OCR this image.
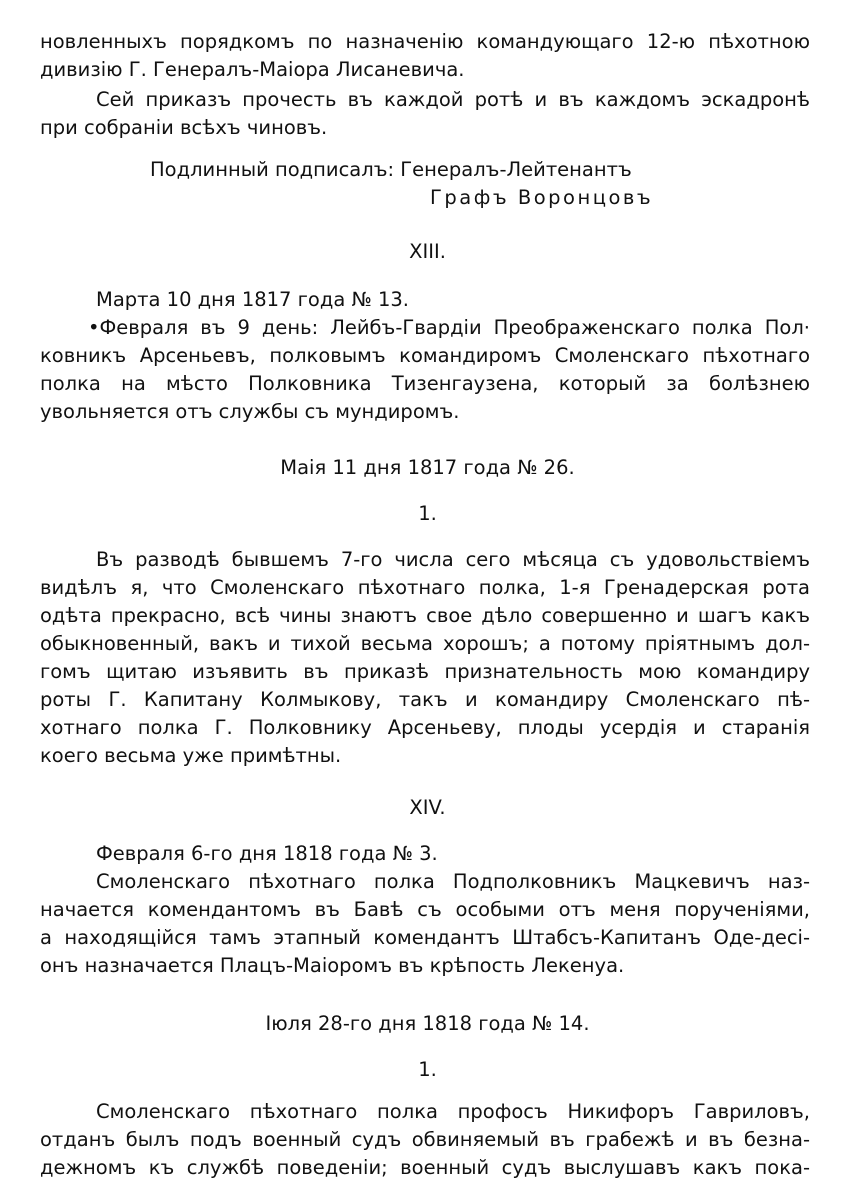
новленныхъ порядкомъ по назначенію командующаго 12-ю пѣхотною
дивизію Г. Генералъ-Маіора Лисаневича.
Сей приказъ прочесть въ каждой ротѣ и въ каждомъ эскадронѣ
при собраніи всѣхъ чиновъ.
Подлинный подписалъ: Генералъ-Лейтенантъ
Графъ Воронцовъ
XIII.
Марта 10 дня 1817 года № 13.
•Февраля въ 9 день: Лейбъ-Гвардіи Преображенскаго полка Пол·
ковникъ Арсеньевъ, полковымъ командиромъ Смоленскаго пѣхотнаго
полка на мѣсто Полковника Тизенгаузена, который за болѣзнею
увольняется отъ службы съ мундиромъ.
Маія 11 дня 1817 года № 26.
1.
Въ разводѣ бывшемъ 7-го числа сего мѣсяца съ удовольствіемъ
видѣлъ я, что Смоленскаго пѣхотнаго полка, 1-я Гренадерская рота
одѣта прекрасно, всѣ чины знаютъ свое дѣло совершенно и шагъ какъ
обыкновенный, вакъ и тихой весьма хорошъ; а потому пріятнымъ дол-
гомъ щитаю изъявить въ приказѣ признательность мою командиру
роты Г. Капитану Колмыкову, такъ и командиру Смоленскаго пѣ-
хотнаго полка Г. Полковнику Арсеньеву, плоды усердія и старанія
коего весьма уже примѣтны.
XIV.
Февраля 6-го дня 1818 года № 3.
Смоленскаго пѣхотнаго полка Подполковникъ Мацкевичъ наз-
начается комендантомъ въ Бавѣ съ особыми отъ меня порученіями,
а находящійся тамъ этапный комендантъ Штабсъ-Капитанъ Оде-десі-
онъ назначается Плацъ-Маіоромъ въ крѣпость Лекенуа.
Іюля 28-го дня 1818 года № 14.
1.
Смоленскаго пѣхотнаго полка профосъ Никифоръ Гавриловъ,
отданъ былъ подъ военный судъ обвиняемый въ грабежѣ и въ безна-
дежномъ къ службѣ поведеніи; военный судъ выслушавъ какъ пока-
